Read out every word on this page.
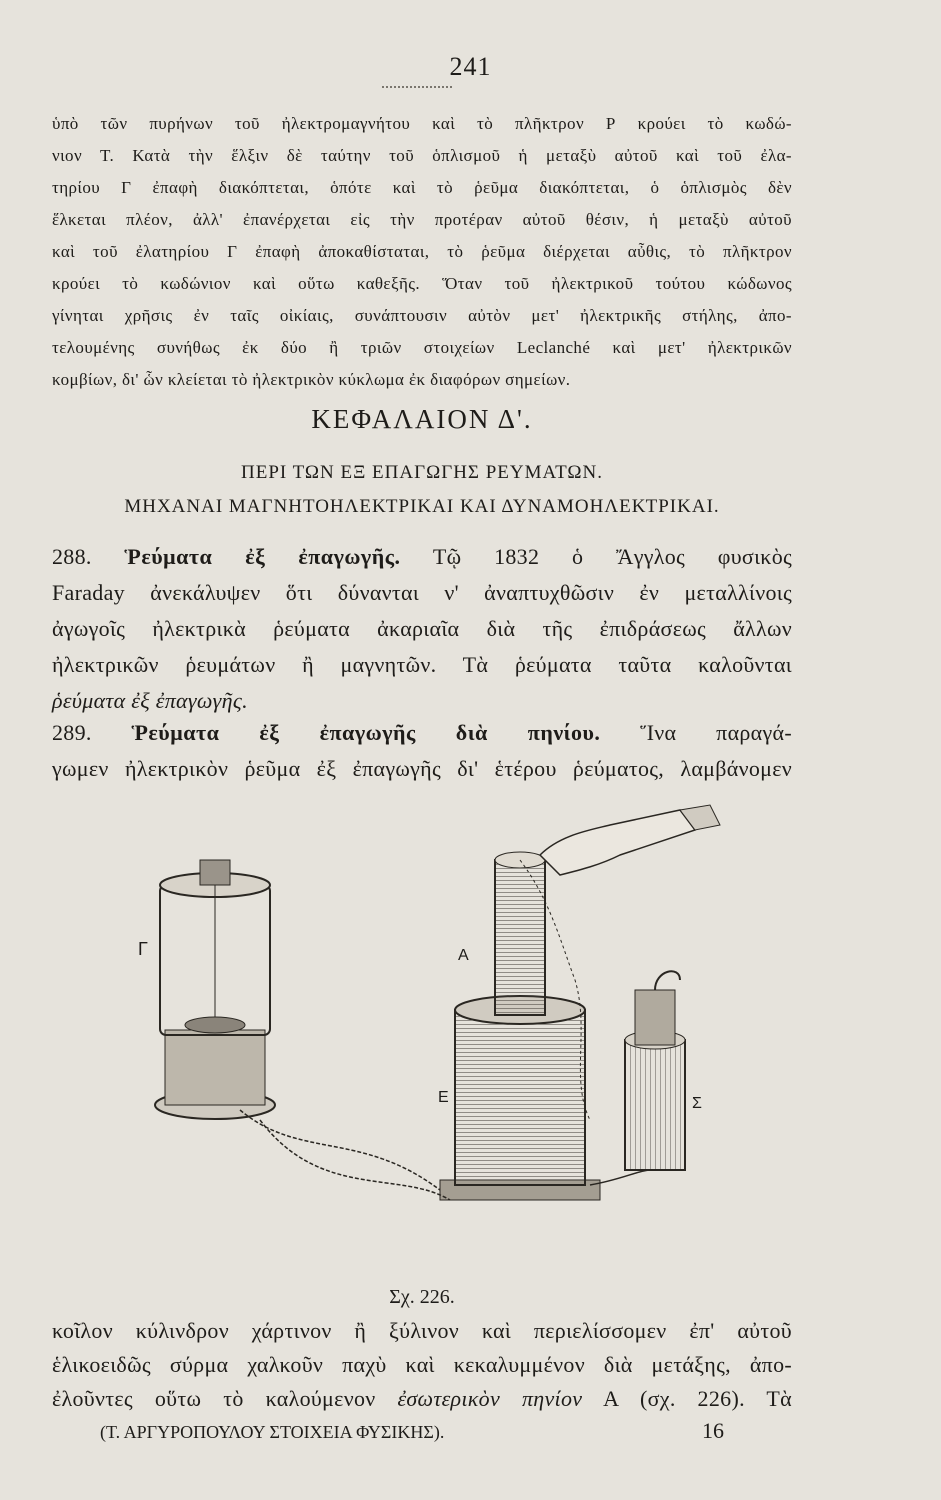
241
ὑπὸ τῶν πυρήνων τοῦ ἠλεκτρομαγνήτου καὶ τὸ πλῆκτρον Ρ κρούει τὸ κωδώ-
νιον Τ. Κατὰ τὴν ἕλξιν δὲ ταύτην τοῦ ὁπλισμοῦ ἡ μεταξὺ αὐτοῦ καὶ τοῦ ἐλα-
τηρίου Γ ἐπαφὴ διακόπτεται, ὁπότε καὶ τὸ ῥεῦμα διακόπτεται, ὁ ὁπλισμὸς δὲν
ἕλκεται πλέον, ἀλλ' ἐπανέρχεται εἰς τὴν προτέραν αὐτοῦ θέσιν, ἡ μεταξὺ αὐτοῦ
καὶ τοῦ ἐλατηρίου Γ ἐπαφὴ ἀποκαθίσταται, τὸ ῥεῦμα διέρχεται αὖθις, τὸ πλῆκτρον
κρούει τὸ κωδώνιον καὶ οὕτω καθεξῆς. Ὅταν τοῦ ἠλεκτρικοῦ τούτου κώδωνος
γίνηται χρῆσις ἐν ταῖς οἰκίαις, συνάπτουσιν αὐτὸν μετ' ἠλεκτρικῆς στήλης, ἀπο-
τελουμένης συνήθως ἐκ δύο ἢ τριῶν στοιχείων Leclanché καὶ μετ' ἠλεκτρικῶν
κομβίων, δι' ὧν κλείεται τὸ ἠλεκτρικὸν κύκλωμα ἐκ διαφόρων σημείων.
ΚΕΦΑΛΑΙΟΝ Δ'.
ΠΕΡΙ ΤΩΝ ΕΞ ΕΠΑΓΩΓΗΣ ΡΕΥΜΑΤΩΝ.
ΜΗΧΑΝΑΙ ΜΑΓΝΗΤΟΗΛΕΚΤΡΙΚΑΙ ΚΑΙ ΔΥΝΑΜΟΗΛΕΚΤΡΙΚΑΙ.
288. Ῥεύματα ἐξ ἐπαγωγῆς. Τῷ 1832 ὁ Ἄγγλος φυσικὸς
Faraday ἀνεκάλυψεν ὅτι δύνανται ν' ἀναπτυχθῶσιν ἐν μεταλλίνοις
ἀγωγοῖς ἠλεκτρικὰ ῥεύματα ἀκαριαῖα διὰ τῆς ἐπιδράσεως ἄλλων
ἠλεκτρικῶν ῥευμάτων ἢ μαγνητῶν. Τὰ ῥεύματα ταῦτα καλοῦνται
ῥεύματα ἐξ ἐπαγωγῆς.
289. Ῥεύματα ἐξ ἐπαγωγῆς διὰ πηνίου. Ἵνα παραγά-
γωμεν ἠλεκτρικὸν ῥεῦμα ἐξ ἐπαγωγῆς δι' ἑτέρου ῥεύματος, λαμβάνομεν
Γ	A
E	Σ
Σχ. 226.
κοῖλον κύλινδρον χάρτινον ἢ ξύλινον καὶ περιελίσσομεν ἐπ' αὐτοῦ
ἑλικοειδῶς σύρμα χαλκοῦν παχὺ καὶ κεκαλυμμένον διὰ μετάξης, ἀπο-
ἐλοῦντες οὕτω τὸ καλούμενον ἐσωτερικὸν πηνίον Α (σχ. 226). Τὰ
(Τ. ΑΡΓΥΡΟΠΟΥΛΟΥ ΣΤΟΙΧΕΙΑ ΦΥΣΙΚΗΣ).	16
